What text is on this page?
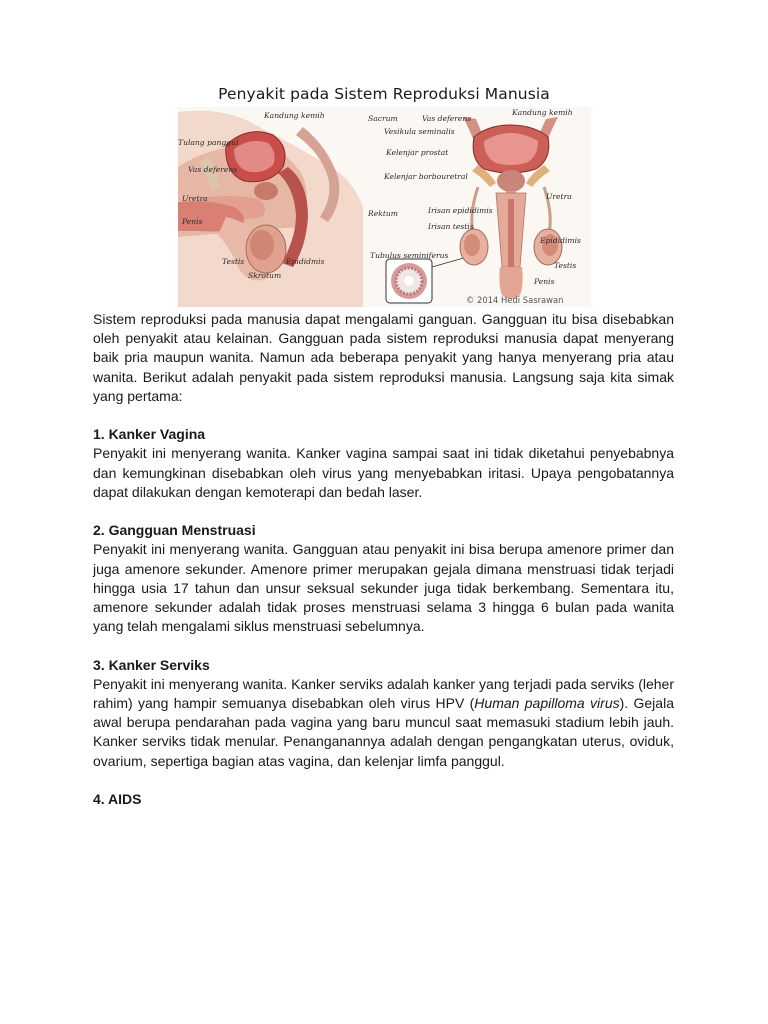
Penyakit pada Sistem Reproduksi Manusia
Kandung kemih	Sacrum
Vesikula seminalis
Tulang panggul
Kelenjar prostat
Vas deferens
Kelenjar borbouretral
Uretra
Rektum
Penis
Epididmis
Testis
Skrotum
Tubulus seminiferus
Vas deferens
Kandung kemih
Uretra
Irisan epididimis
Irisan testis
Epididimis
Testis
Penis
© 2014 Hedi Sasrawan

Sistem reproduksi pada manusia dapat mengalami ganguan. Gangguan itu bisa disebabkan oleh penyakit atau kelainan. Gangguan pada sistem reproduksi manusia dapat menyerang baik pria maupun wanita. Namun ada beberapa penyakit yang hanya menyerang pria atau wanita. Berikut adalah penyakit pada sistem reproduksi manusia. Langsung saja kita simak yang pertama:

1. Kanker Vagina

Penyakit ini menyerang wanita. Kanker vagina sampai saat ini tidak diketahui penyebabnya dan kemungkinan disebabkan oleh virus yang menyebabkan iritasi. Upaya pengobatannya dapat dilakukan dengan kemoterapi dan bedah laser.

2. Gangguan Menstruasi

Penyakit ini menyerang wanita. Gangguan atau penyakit ini bisa berupa amenore primer dan juga amenore sekunder. Amenore primer merupakan gejala dimana menstruasi tidak terjadi hingga usia 17 tahun dan unsur seksual sekunder juga tidak berkembang. Sementara itu, amenore sekunder adalah tidak proses menstruasi selama 3 hingga 6 bulan pada wanita yang telah mengalami siklus menstruasi sebelumnya.

3. Kanker Serviks

Penyakit ini menyerang wanita. Kanker serviks adalah kanker yang terjadi pada serviks (leher rahim) yang hampir semuanya disebabkan oleh virus HPV (Human papilloma virus). Gejala awal berupa pendarahan pada vagina yang baru muncul saat memasuki stadium lebih jauh. Kanker serviks tidak menular. Penanganannya adalah dengan pengangkatan uterus, oviduk, ovarium, sepertiga bagian atas vagina, dan kelenjar limfa panggul.

4. AIDS
